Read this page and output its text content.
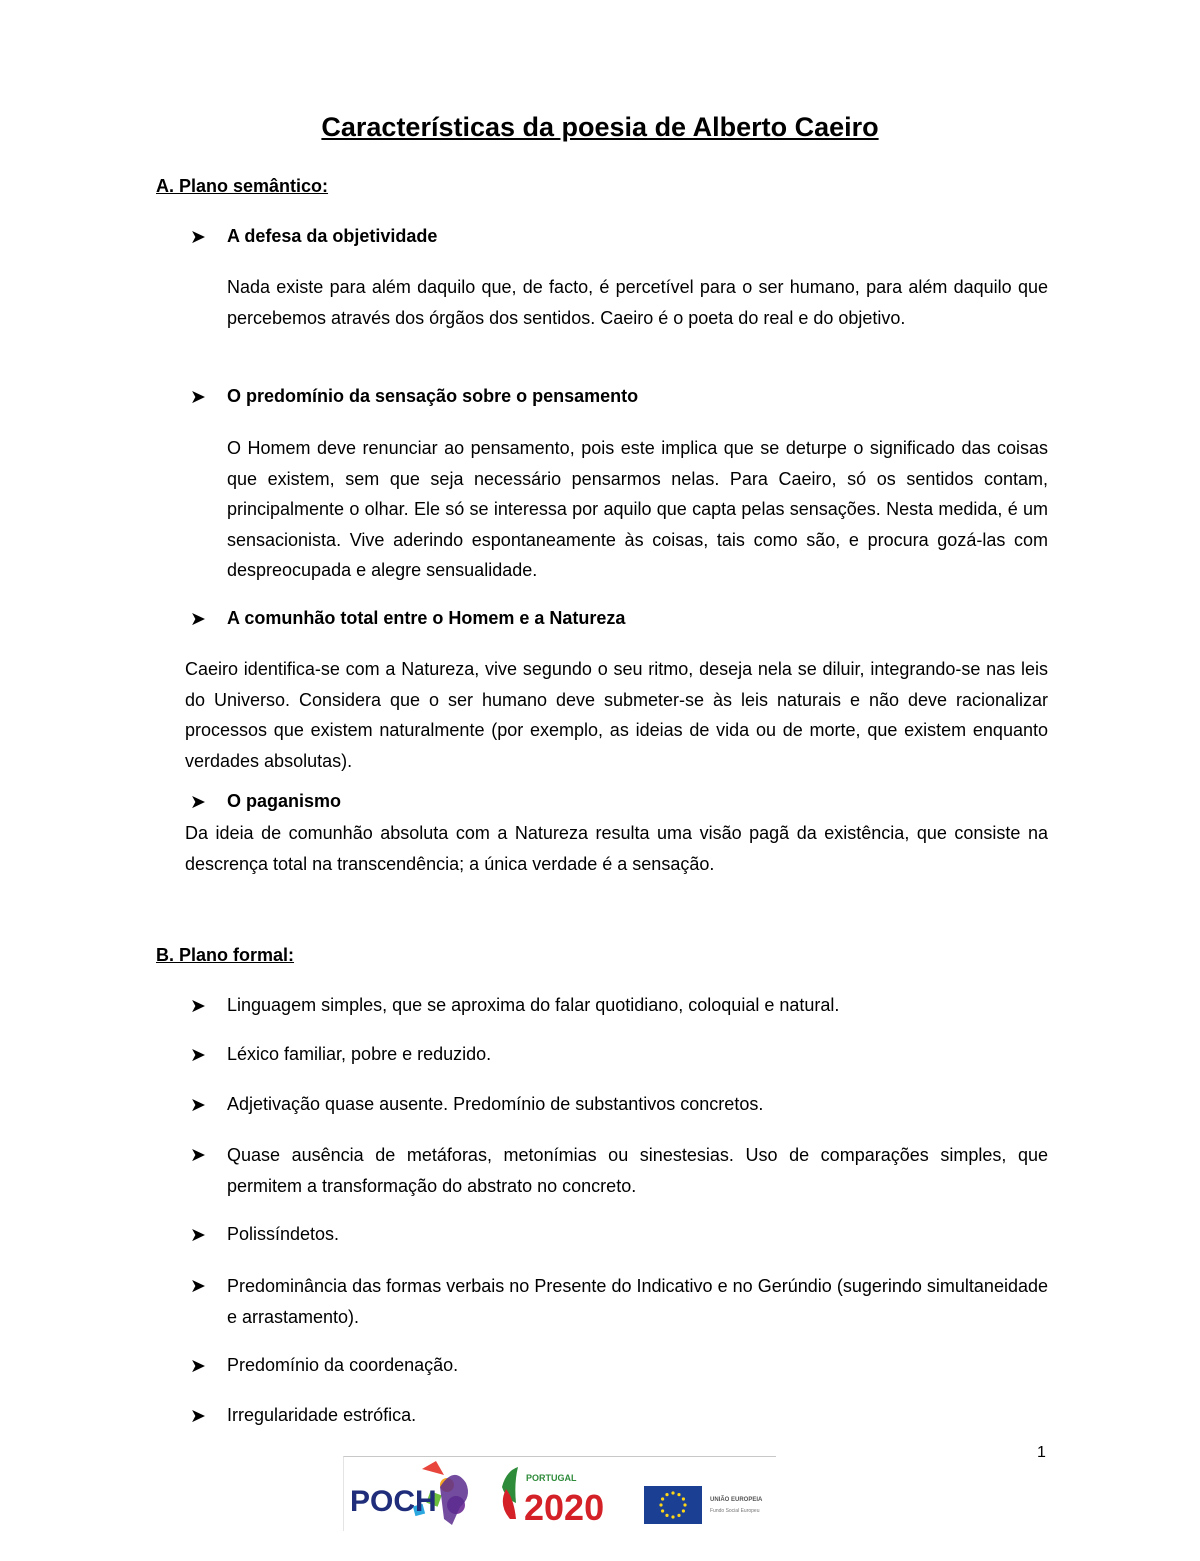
Características da poesia de Alberto Caeiro
A. Plano semântico:
➤ A defesa da objetividade
Nada existe para além daquilo que, de facto, é percetível para o ser humano, para além daquilo que percebemos através dos órgãos dos sentidos. Caeiro é o poeta do real e do objetivo.
➤ O predomínio da sensação sobre o pensamento
O Homem deve renunciar ao pensamento, pois este implica que se deturpe o significado das coisas que existem, sem que seja necessário pensarmos nelas. Para Caeiro, só os sentidos contam, principalmente o olhar. Ele só se interessa por aquilo que capta pelas sensações. Nesta medida, é um sensacionista. Vive aderindo espontaneamente às coisas, tais como são, e procura gozá-las com despreocupada e alegre sensualidade.
➤ A comunhão total entre o Homem e a Natureza
Caeiro identifica-se com a Natureza, vive segundo o seu ritmo, deseja nela se diluir, integrando-se nas leis do Universo. Considera que o ser humano deve submeter-se às leis naturais e não deve racionalizar processos que existem naturalmente (por exemplo, as ideias de vida ou de morte, que existem enquanto verdades absolutas).
➤ O paganismo
Da ideia de comunhão absoluta com a Natureza resulta uma visão pagã da existência, que consiste na descrença total na transcendência; a única verdade é a sensação.
B. Plano formal:
➤ Linguagem simples, que se aproxima do falar quotidiano, coloquial e natural.
➤ Léxico familiar, pobre e reduzido.
➤ Adjetivação quase ausente. Predomínio de substantivos concretos.
➤ Quase ausência de metáforas, metonímias ou sinestesias. Uso de comparações simples, que permitem a transformação do abstrato no concreto.
➤ Polissíndetos.
➤ Predominância das formas verbais no Presente do Indicativo e no Gerúndio (sugerindo simultaneidade e arrastamento).
➤ Predomínio da coordenação.
➤ Irregularidade estrófica.
1
POCH
PORTUGAL
2020	UNIÃO EUROPEIA
Fundo Social Europeu
